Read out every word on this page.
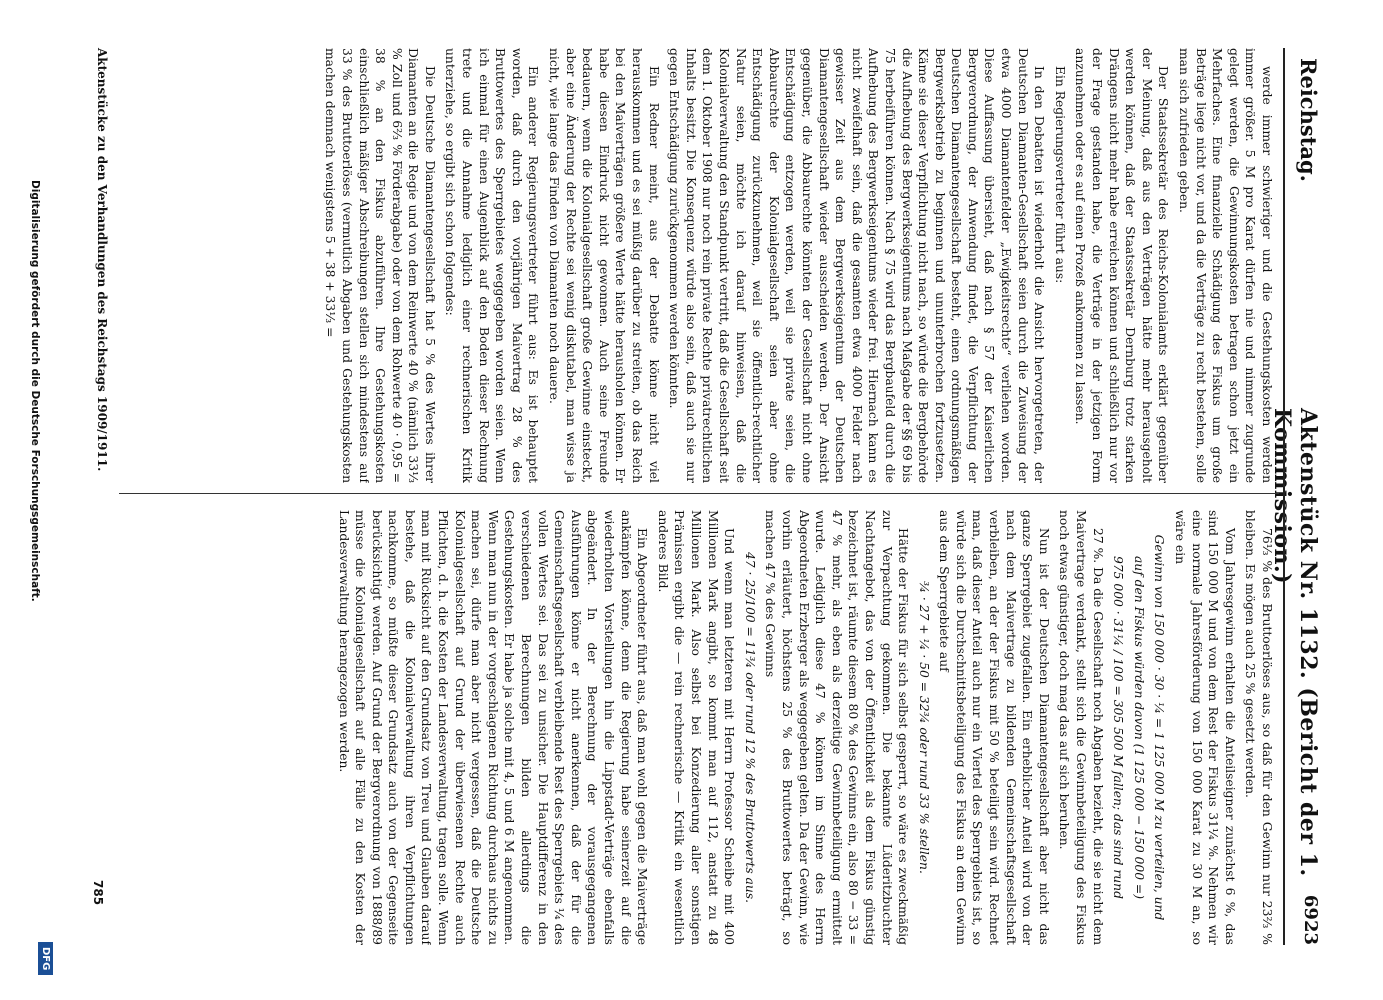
Reichstag.
Aktenstück Nr. 1132. (Bericht der 1. Kommission.)
6923

werde immer schwieriger und die Gestehungskosten werden immer größer. 5 M pro Karat dürfen nie und nimmer zugrunde gelegt werden, die Gewinnungskosten betragen schon jetzt ein Mehrfaches. Eine finanzielle Schädigung des Fiskus um große Beträge liege nicht vor, und da die Verträge zu recht bestehen, solle man sich zufrieden geben.

Der Staatssekretär des Reichs-Kolonialamts erklärt gegenüber der Meinung, daß aus den Verträgen hätte mehr herausgeholt werden können, daß der Staatssekretär Dernburg trotz starken Drängens nicht mehr habe erreichen können und schließlich nur vor der Frage gestanden habe, die Verträge in der jetzigen Form anzunehmen oder es auf einen Prozeß ankommen zu lassen.

Ein Regierungsvertreter führt aus:

In den Debatten ist wiederholt die Ansicht hervorgetreten, der Deutschen Diamanten-Gesellschaft seien durch die Zuweisung der etwa 4000 Diamantenfelder „Ewigkeitsrechte“ verliehen worden. Diese Auffassung übersieht, daß nach § 57 der Kaiserlichen Bergverordnung, der Anwendung findet, die Verpflichtung der Deutschen Diamantengesellschaft besteht, einen ordnungsmäßigen Bergwerksbetrieb zu beginnen und ununterbrochen fortzusetzen. Käme sie dieser Verpflichtung nicht nach, so würde die Bergbehörde die Aufhebung des Bergwerkseigentums nach Maßgabe der §§ 69 bis 75 herbeiführen können. Nach § 75 wird das Bergbaufeld durch die Aufhebung des Bergwerkseigentums wieder frei. Hiernach kann es nicht zweifelhaft sein, daß die gesamten etwa 4000 Felder nach gewisser Zeit aus dem Bergwerkseigentum der Deutschen Diamantengesellschaft wieder ausscheiden werden. Der Ansicht gegenüber, die Abbaurechte könnten der Gesellschaft nicht ohne Entschädigung entzogen werden, weil sie private seien, die Abbaurechte der Kolonialgesellschaft seien aber ohne Entschädigung zurückzunehmen, weil sie öffentlich-rechtlicher Natur seien, möchte ich darauf hinweisen, daß die Kolonialverwaltung den Standpunkt vertritt, daß die Gesellschaft seit dem 1. Oktober 1908 nur noch rein private Rechte privatrechtlichen Inhalts besitzt. Die Konsequenz würde also sein, daß auch sie nur gegen Entschädigung zurückgenommen werden könnten.

Ein Redner meint, aus der Debatte könne nicht viel herauskommen und es sei müßig darüber zu streiten, ob das Reich bei den Maiverträgen größere Werte hätte herausholen können. Er habe diesen Eindruck nicht gewonnen. Auch seine Freunde bedauern, wenn die Kolonialgesellschaft große Gewinne einsteckt, aber eine Änderung der Rechte sei wenig diskutabel, man wisse ja nicht, wie lange das Finden von Diamanten noch dauere.

Ein anderer Regierungsvertreter führt aus: Es ist behauptet worden, daß durch den vorjährigen Maivertrag 28 % des Bruttowertes des Sperrgebietes weggegeben worden seien. Wenn ich einmal für einen Augenblick auf den Boden dieser Rechnung trete und die Annahme lediglich einer rechnerischen Kritik unterziehe, so ergibt sich schon folgendes:

Die Deutsche Diamantengesellschaft hat 5 % des Wertes ihrer Diamanten an die Regie und von dem Reinwerte 40 % (nämlich 33⅓ % Zoll und 6⅔ % Förderabgabe) oder von dem Rohwerte 40 · 0,95 = 38 % an den Fiskus abzuführen. Ihre Gestehungskosten einschließlich mäßiger Abschreibungen stellen sich mindestens auf 33 % des Bruttoerlöses (vermutlich Abgaben und Gestehungskosten machen demnach wenigstens 5 + 38 + 33⅓ =

76⅓ % des Bruttoerlöses aus, so daß für den Gewinn nur 23⅔ % bleiben. Es mögen auch 25 % gesetzt werden.

Vom Jahresgewinn erhalten die Anteilseigner zunächst 6 %, das sind 150 000 M und von dem Rest der Fiskus 31¼ %. Nehmen wir eine normale Jahresförderung von 150 000 Karat zu 30 M an, so wäre ein

Gewinn von 150 000 · 30 · ¼ = 1 125 000 M zu verteilen, und

auf den Fiskus würden davon (1 125 000 − 150 000 =)

975 000 · 31¼ / 100 = 305 500 M fallen; das sind rund

27 %. Da die Gesellschaft noch Abgaben bezieht, die sie nicht dem Maivertrage verdankt, stellt sich die Gewinnbeteiligung des Fiskus noch etwas günstiger, doch mag das auf sich beruhen.

Nun ist der Deutschen Diamantengesellschaft aber nicht das ganze Sperrgebiet zugefallen. Ein erheblicher Anteil wird von der nach dem Maivertrage zu bildenden Gemeinschaftsgesellschaft verbleiben, an der der Fiskus mit 50 % beteiligt sein wird. Rechnet man, daß dieser Anteil auch nur ein Viertel des Sperrgebiets ist, so würde sich die Durchschnittsbeteiligung des Fiskus an dem Gewinn aus dem Sperrgebiete auf

¾ · 27 + ¼ · 50 = 32¾ oder rund 33 % stellen.

Hätte der Fiskus für sich selbst gesperrt, so wäre es zweckmäßig zur Verpachtung gekommen. Die bekannte Lüderitzbuchter Nachtangebot, das von der Öffentlichkeit als dem Fiskus günstig bezeichnet ist, räumte diesem 80 % des Gewinns ein, also 80 − 33 = 47 % mehr, als eben als derzeitige Gewinnbeteiligung ermittelt wurde. Lediglich diese 47 % können im Sinne des Herrn Abgeordneten Erzberger als weggegeben gelten. Da der Gewinn, wie vorhin erläutert, höchstens 25 % des Bruttowertes beträgt, so machen 47 % des Gewinns

47 · 25/100 = 11¾ oder rund 12 % des Bruttowerts aus.

Und wenn man letzteren mit Herrn Professor Scheibe mit 400 Millionen Mark angibt, so kommt man auf 112, anstatt zu 48 Millionen Mark. Also selbst bei Konzedierung aller sonstigen Prämissen ergibt die — rein rechnerische — Kritik ein wesentlich anderes Bild.

Ein Abgeordneter führt aus, daß man wohl gegen die Maiverträge ankämpfen könne, denn die Regierung habe seinerzeit auf die wiederholten Vorstellungen hin die Lippstadt-Verträge ebenfalls abgeändert. In der Berechnung der vorausgegangenen Ausführungen könne er nicht anerkennen, daß der für die Gemeinschaftsgesellschaft verbleibende Rest des Sperrgebiets ¼ des vollen Wertes sei. Das sei zu unsicher. Die Hauptdifferenz in den verschiedenen Berechnungen bilden allerdings die Gestehungskosten. Er habe ja solche mit 4, 5 und 6 M angenommen. Wenn man nun in der vorgeschlagenen Richtung durchaus nichts zu machen sei, dürfe man aber nicht vergessen, daß die Deutsche Kolonialgesellschaft auf Grund der überwiesenen Rechte auch Pflichten, d. h. die Kosten der Landesverwaltung, tragen solle. Wenn man mit Rücksicht auf den Grundsatz von Treu und Glauben darauf bestehe, daß die Kolonialverwaltung ihren Verpflichtungen nachkomme, so müßte dieser Grundsatz auch von der Gegenseite berücksichtigt werden. Auf Grund der Bergverordnung von 1888/89 müsse die Kolonialgesellschaft auf alle Fälle zu den Kosten der Landesverwaltung herangezogen werden.

Aktenstücke zu den Verhandlungen des Reichstags 1909/1911.
785
Digitalisierung gefördert durch die Deutsche Forschungsgemeinschaft.
DFG
